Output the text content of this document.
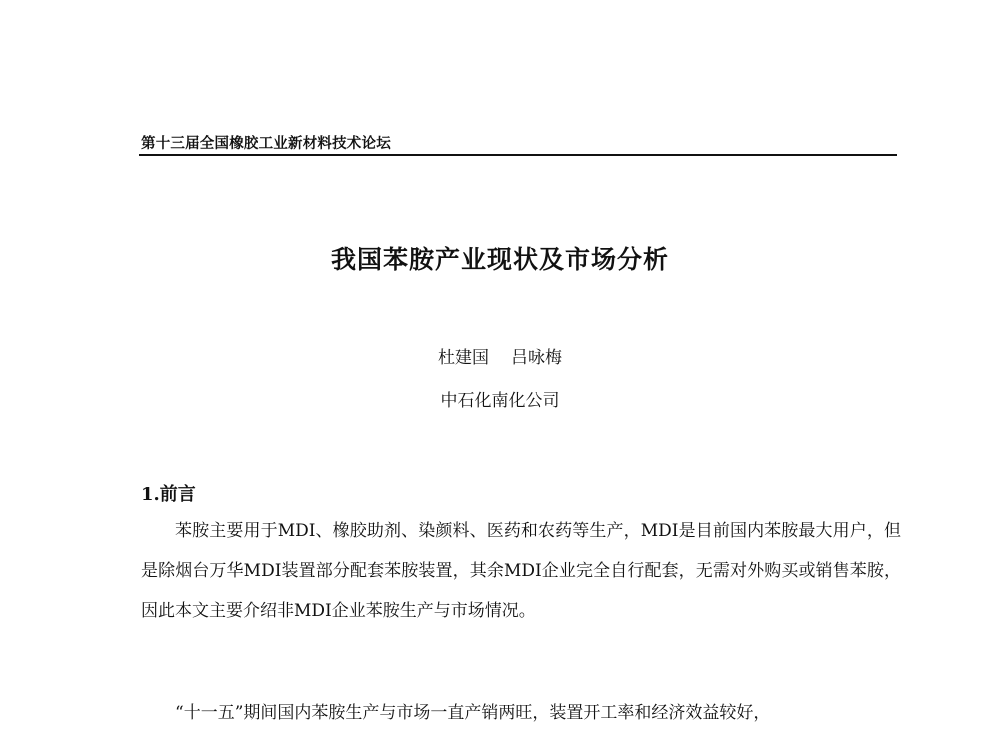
第十三届全国橡胶工业新材料技术论坛
我国苯胺产业现状及市场分析
杜建国 吕咏梅
中石化南化公司
1.前言

苯胺主要用于MDI、橡胶助剂、染颜料、医药和农药等生产，MDI是目前国内苯胺最大用户，但是除烟台万华MDI装置部分配套苯胺装置，其余MDI企业完全自行配套，无需对外购买或销售苯胺，因此本文主要介绍非MDI企业苯胺生产与市场情况。

“十一五”期间国内苯胺生产与市场一直产销两旺，装置开工率和经济效益较好，
